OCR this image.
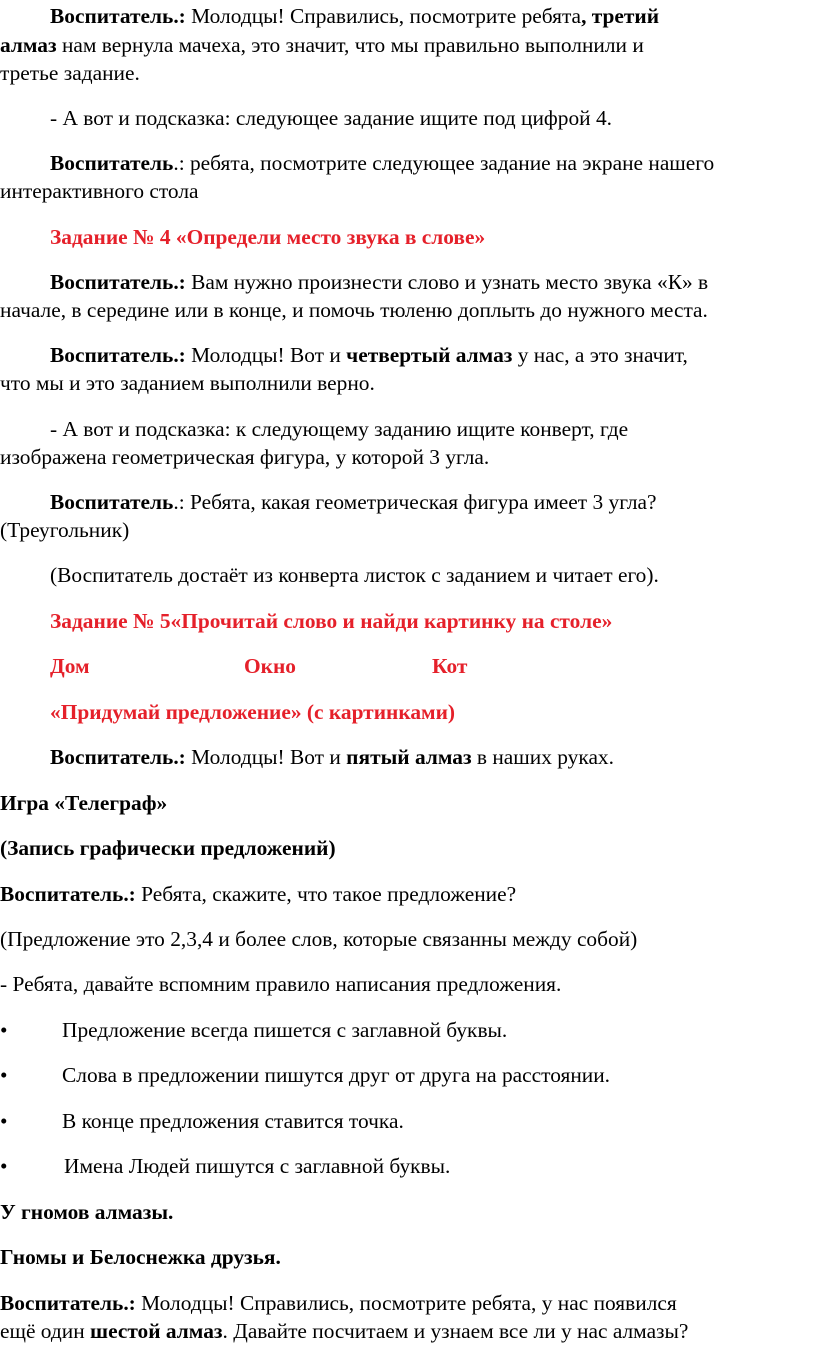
Воспитатель.: Молодцы! Справились, посмотрите ребята, третий

алмаз нам вернула мачеха, это значит, что мы правильно выполнили и

третье задание.

- А вот и подсказка: следующее задание ищите под цифрой 4.

Воспитатель.: ребята, посмотрите следующее задание на экране нашего

интерактивного стола

Задание № 4 «Определи место звука в слове»

Воспитатель.: Вам нужно произнести слово и узнать место звука «К» в

начале, в середине или в конце, и помочь тюленю доплыть до нужного места.

Воспитатель.: Молодцы! Вот и четвертый алмаз у нас, а это значит,

что мы и это заданием выполнили верно.

- А вот и подсказка: к следующему заданию ищите конверт, где

изображена геометрическая фигура, у которой 3 угла.

Воспитатель.: Ребята, какая геометрическая фигура имеет 3 угла?

(Треугольник)

(Воспитатель достаёт из конверта листок с заданием и читает его).

Задание № 5«Прочитай слово и найди картинку на столе»

Дом	Окно	Кот

«Придумай предложение» (с картинками)

Воспитатель.: Молодцы! Вот и пятый алмаз в наших руках.

Игра «Телеграф»

(Запись графически предложений)

Воспитатель.: Ребята, скажите, что такое предложение?

(Предложение это 2,3,4 и более слов, которые связанны между собой)

- Ребята, давайте вспомним правило написания предложения.

•	Предложение всегда пишется с заглавной буквы.

•	Слова в предложении пишутся друг от друга на расстоянии.

•	В конце предложения ставится точка.

•	Имена Людей пишутся с заглавной буквы.

У гномов алмазы.

Гномы и Белоснежка друзья.

Воспитатель.: Молодцы! Справились, посмотрите ребята, у нас появился

ещё один шестой алмаз. Давайте посчитаем и узнаем все ли у нас алмазы?
